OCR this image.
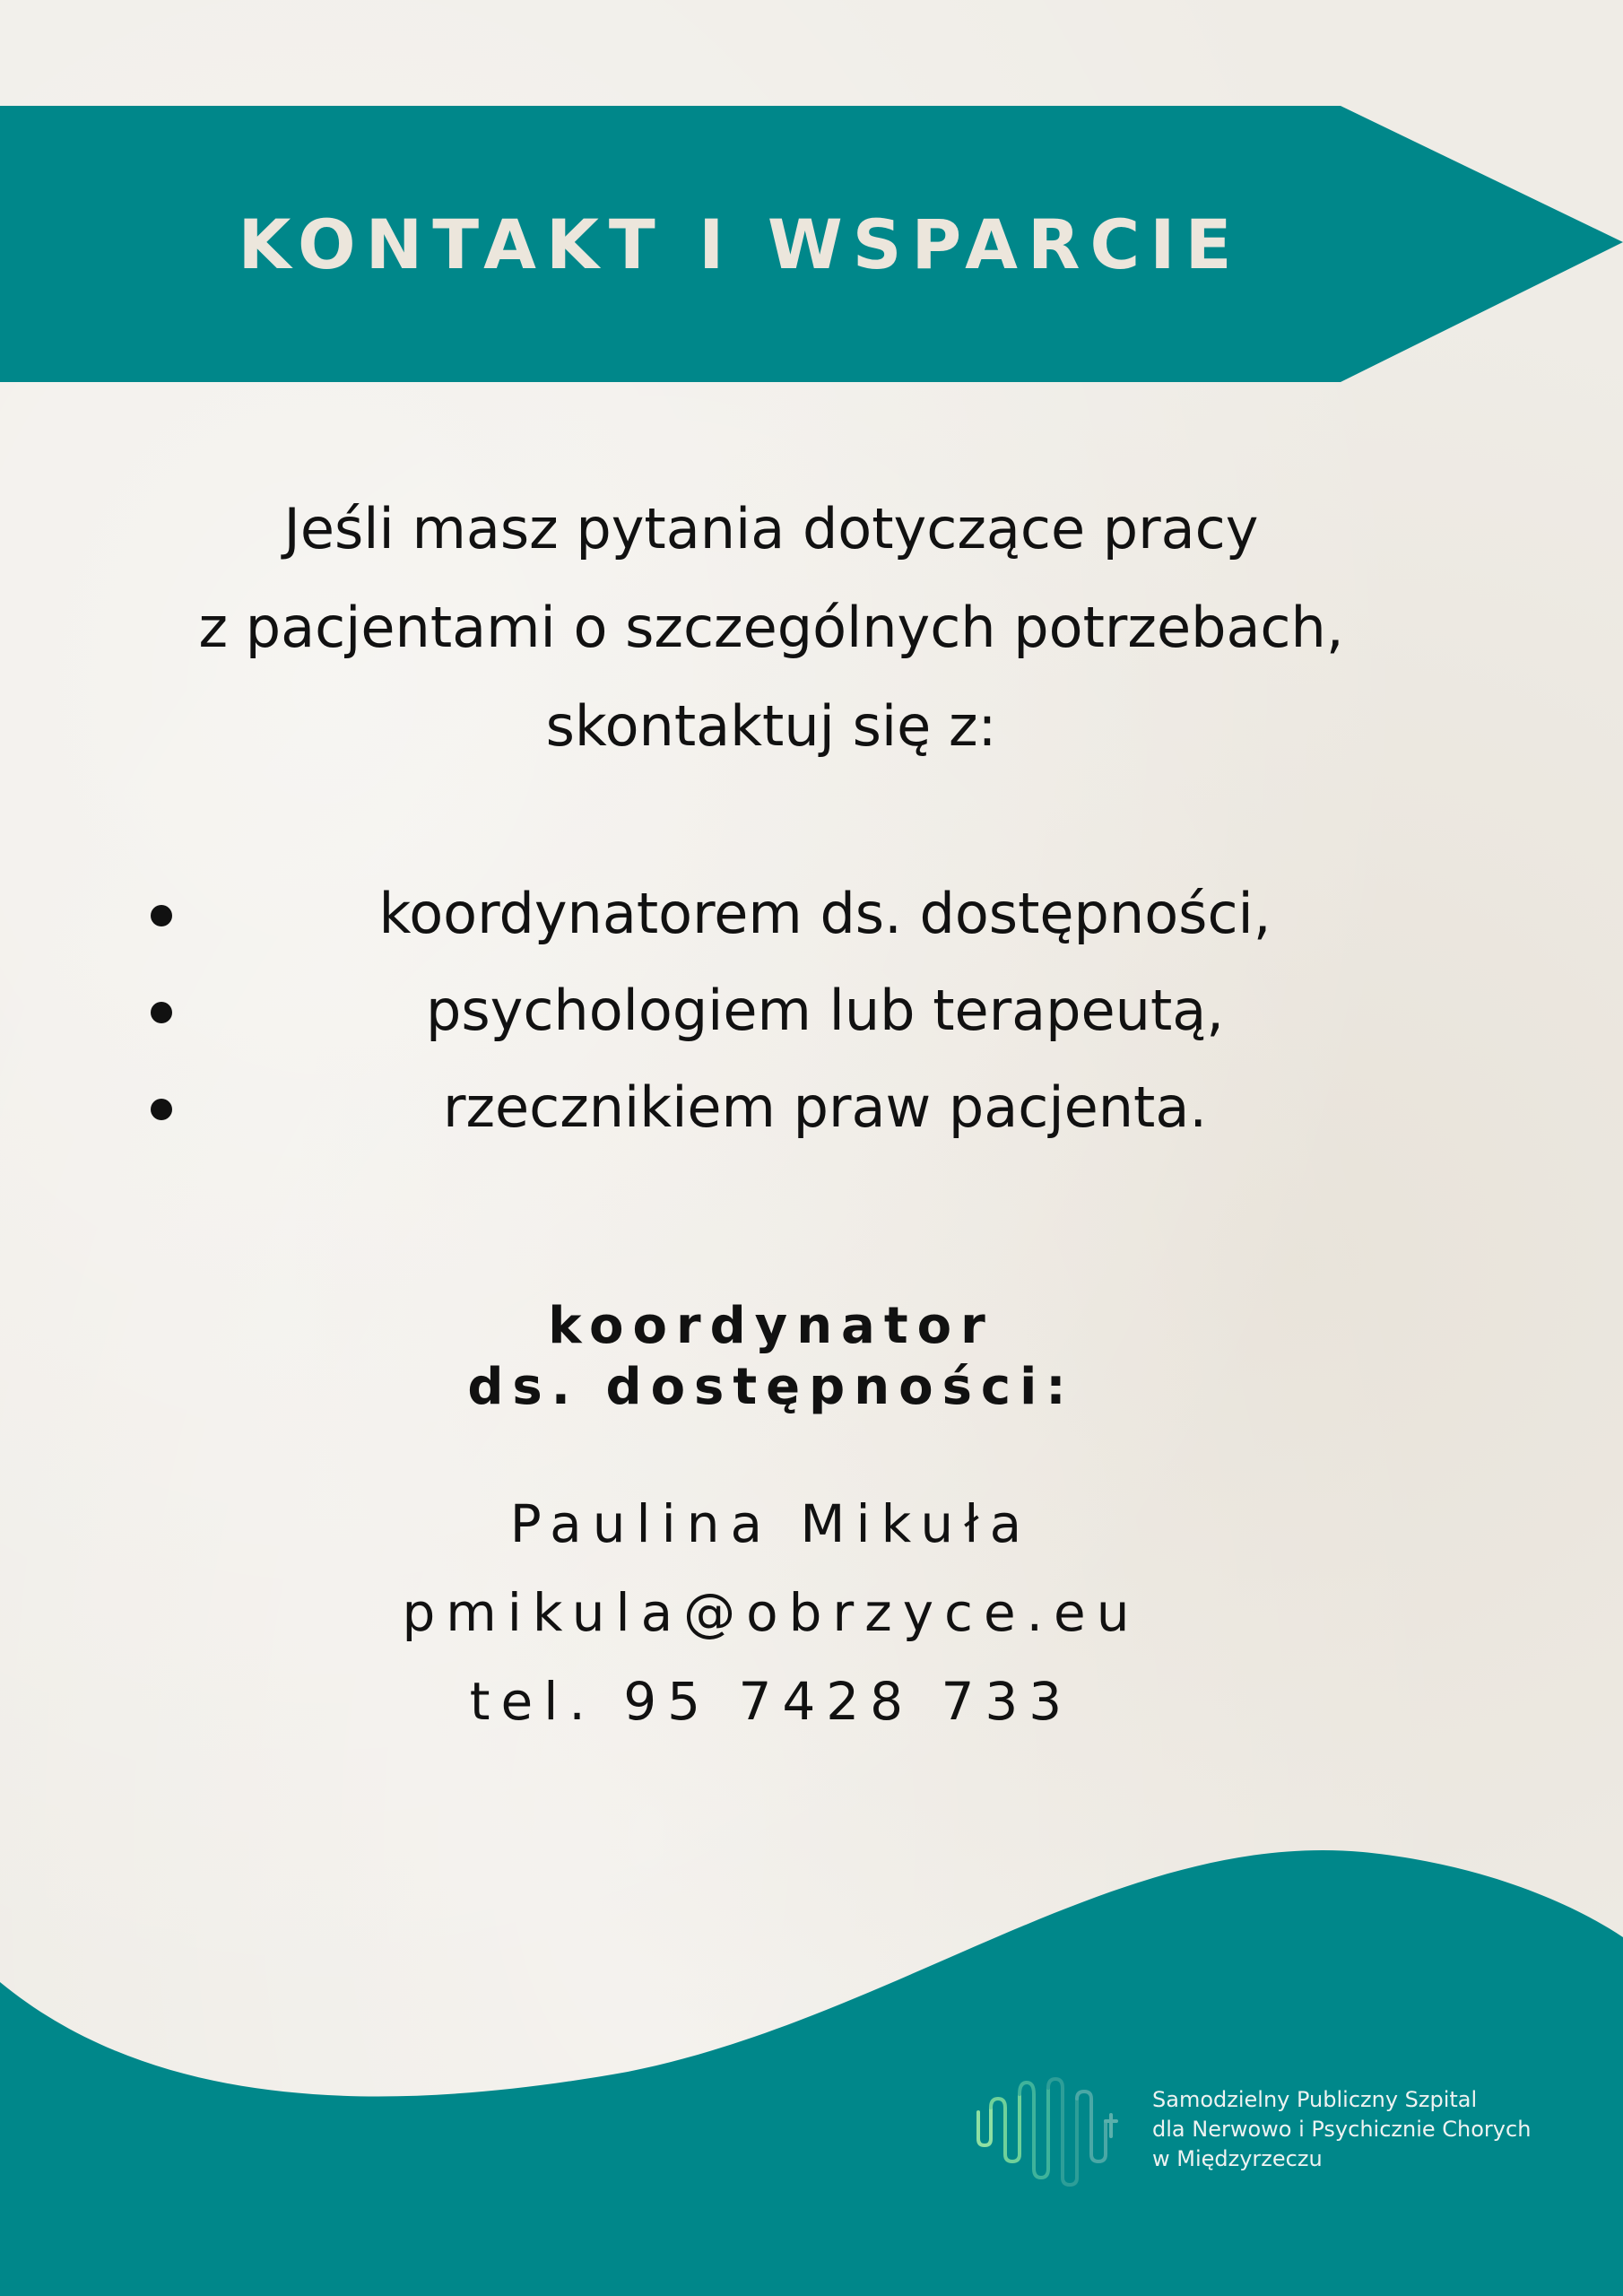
KONTAKT I WSPARCIE
Jeśli masz pytania dotyczące pracy
z pacjentami o szczególnych potrzebach,
skontaktuj się z:
koordynatorem ds. dostępności,
psychologiem lub terapeutą,
rzecznikiem praw pacjenta.
koordynator
ds. dostępności:
Paulina Mikuła
pmikula@obrzyce.eu
tel. 95 7428 733
Samodzielny Publiczny Szpital
dla Nerwowo i Psychicznie Chorych
w Międzyrzeczu
